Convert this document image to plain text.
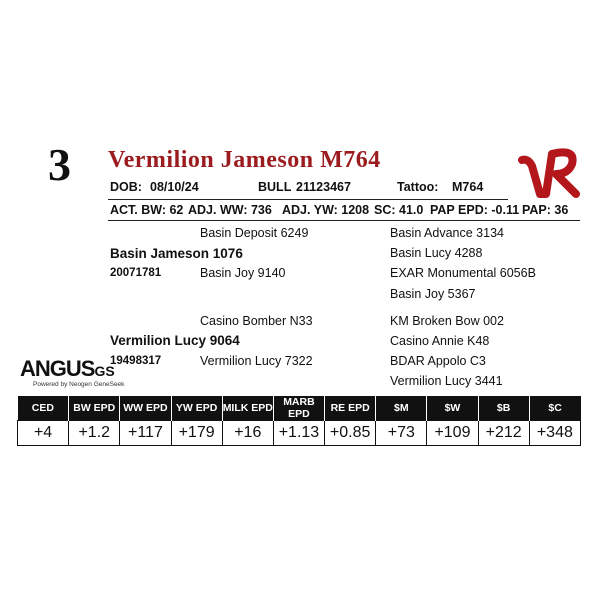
3 Vermilion Jameson M764
DOB: 08/10/24	BULL 21123467	Tattoo: M764
ACT. BW: 62 ADJ. WW: 736 ADJ. YW: 1208 SC: 41.0 PAP EPD: -0.11 PAP: 36
Basin Deposit 6249	Basin Advance 3134
Basin Jameson 1076	Basin Lucy 4288
20071781	Basin Joy 9140	EXAR Monumental 6056B
Basin Joy 5367
Casino Bomber N33	KM Broken Bow 002
Vermilion Lucy 9064	Casino Annie K48
19498317	Vermilion Lucy 7322	BDAR Appolo C3
Vermilion Lucy 3441
ANGUSGS
Powered by Neogen GeneSeek
CED	BW EPD	WW EPD	YW EPD	MILK EPD	MARB EPD	RE EPD	$M	$W	$B	$C
+4	+1.2	+117	+179	+16	+1.13	+0.85	+73	+109	+212	+348
